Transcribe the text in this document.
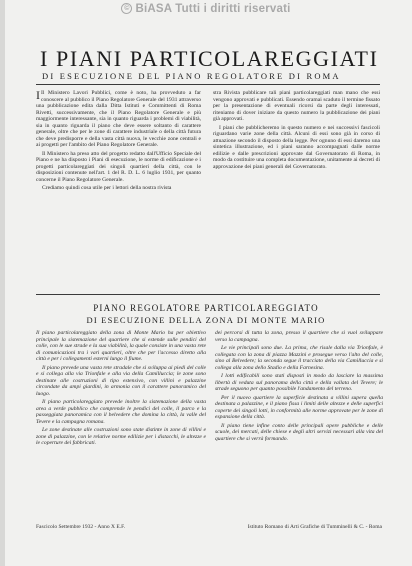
© BiASA Tutti i diritti riservati
I PIANI PARTICOLAREGGIATI
DI ESECUZIONE DEL PIANO REGOLATORE DI ROMA

I Il Ministero Lavori Pubblici, come è noto, ha provveduto a far conoscere al pubblico il Piano Regolatore Generale del 1931 attraverso una pubblicazione edita dalla Ditta Istituti e Committenti di Roma Rivetti, successivamente, che il Piano Regolatore Generale e più maggiormente interessante, sia in quanto riguarda i problemi di viabilità, sia in quanto riguarda il piano che deve essere soltanto di carattere generale, oltre che per le zone di carattere industriale o della città futura che deve predisporre e della vasta città nuova, le vecchie zone centrali e ai progetti per l'ambito del Piano Regolatore Generale.

Il Ministero ha preso atto del progetto redatto dall'Ufficio Speciale del Piano e ne ha disposto i Piani di esecuzione, le norme di edificazione e i progetti particolareggiati dei singoli quartieri della città, con le disposizioni contenute nell'art. 1 del R. D. L. 6 luglio 1931, per quanto concerne il Piano Regolatore Generale.

Crediamo quindi cosa utile per i lettori della nostra rivista

stra Rivista pubblicare tali piani particolareggiati man mano che essi vengono approvati e pubblicati. Essendo oramai scaduto il termine fissato per la presentazione di eventuali ricorsi da parte degli interessati, riteniamo di dover iniziare da questo numero la pubblicazione dei piani già approvati.

I piani che pubblicheremo in questo numero e nei successivi fascicoli riguardano varie zone della città. Alcuni di essi sono già in corso di attuazione secondo il disposto della legge. Per ognuno di essi daremo una sintetica illustrazione, ed i piani saranno accompagnati dalle norme edilizie e dalle prescrizioni approvate dal Governatorato di Roma, in modo da costituire una completa documentazione, unitamente ai decreti di approvazione dei piani generali del Governatorato.

PIANO REGOLATORE PARTICOLAREGGIATO
DI ESECUZIONE DELLA ZONA DI MONTE MARIO

Il piano particolareggiato della zona di Monte Mario ha per obiettivo principale la sistemazione del quartiere che si estende sulle pendici del colle, con le sue strade e la sua viabilità, la quale consiste in una vasta rete di comunicazioni tra i vari quartieri, oltre che per l'accesso diretto alla città e per i collegamenti esterni lungo il fiume.

Il piano prevede una vasta rete stradale che si sviluppa ai piedi del colle e si collega alla via Trionfale e alla via della Camilluccia; le zone sono destinate alle costruzioni di tipo estensivo, con villini e palazzine circondate da ampi giardini, in armonia con il carattere panoramico del luogo.

Il piano particolareggiato prevede inoltre la sistemazione della vasta area a verde pubblico che comprende le pendici del colle, il parco e la passeggiata panoramica con il belvedere che domina la città, la valle del Tevere e la campagna romana.

Le zone destinate alle costruzioni sono state distinte in zone di villini e zone di palazzine, con le relative norme edilizie per i distacchi, le altezze e le coperture dei fabbricati.

dei percorsi di tutta la zona, presso il quartiere che si vuol sviluppare verso la campagna.

Le vie principali sono due. La prima, che risale dalla via Trionfale, è collegata con la zona di piazza Mazzini e prosegue verso l'alto del colle, sino al Belvedere; la seconda segue il tracciato della via Camilluccia e si collega alla zona dello Stadio e della Farnesina.

I lotti edificabili sono stati disposti in modo da lasciare la massima libertà di veduta sul panorama della città e della vallata del Tevere; le strade seguono per quanto possibile l'andamento del terreno.

Per il nuovo quartiere la superficie destinata a villini supera quella destinata a palazzine, e il piano fissa i limiti delle altezze e delle superfici coperte dei singoli lotti, in conformità alle norme approvate per le zone di espansione della città.

Il piano tiene infine conto delle principali opere pubbliche e delle scuole, dei mercati, delle chiese e degli altri servizi necessari alla vita del quartiere che si verrà formando.

Fascicolo Settembre 1932 - Anno X E.F.	Istituto Romano di Arti Grafiche di Tumminelli & C. - Roma
